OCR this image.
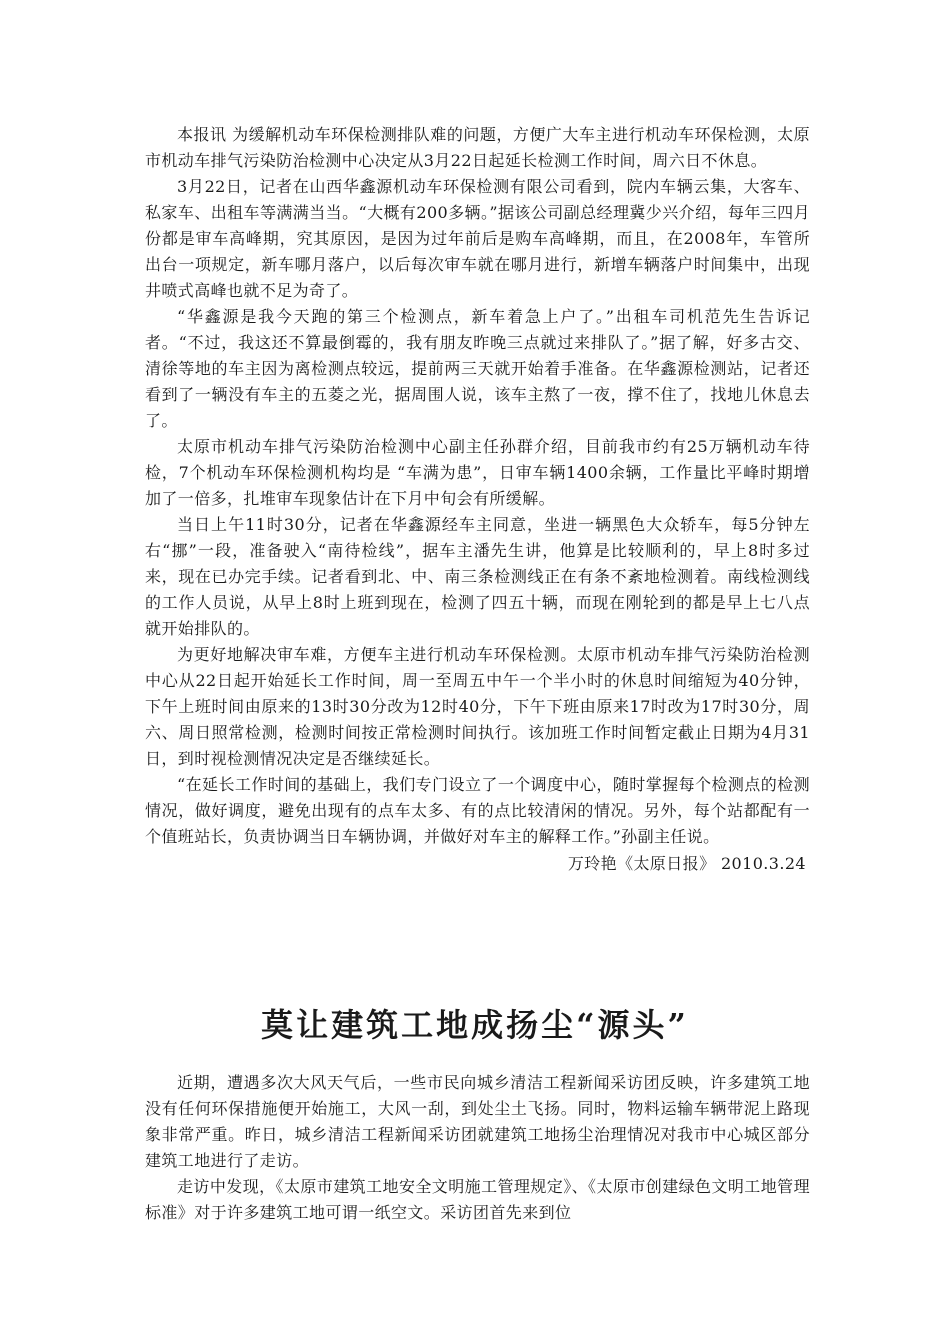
本报讯 为缓解机动车环保检测排队难的问题，方便广大车主进行机动车环保检测，太原市机动车排气污染防治检测中心决定从3月22日起延长检测工作时间，周六日不休息。

3月22日，记者在山西华鑫源机动车环保检测有限公司看到，院内车辆云集，大客车、私家车、出租车等满满当当。“大概有200多辆。”据该公司副总经理冀少兴介绍，每年三四月份都是审车高峰期，究其原因，是因为过年前后是购车高峰期，而且，在2008年，车管所出台一项规定，新车哪月落户，以后每次审车就在哪月进行，新增车辆落户时间集中，出现井喷式高峰也就不足为奇了。

“华鑫源是我今天跑的第三个检测点，新车着急上户了。”出租车司机范先生告诉记者。“不过，我这还不算最倒霉的，我有朋友昨晚三点就过来排队了。”据了解，好多古交、清徐等地的车主因为离检测点较远，提前两三天就开始着手准备。在华鑫源检测站，记者还看到了一辆没有车主的五菱之光，据周围人说，该车主熬了一夜，撑不住了，找地儿休息去了。

太原市机动车排气污染防治检测中心副主任孙群介绍，目前我市约有25万辆机动车待检，7个机动车环保检测机构均是 “车满为患”，日审车辆1400余辆，工作量比平峰时期增加了一倍多，扎堆审车现象估计在下月中旬会有所缓解。

当日上午11时30分，记者在华鑫源经车主同意，坐进一辆黑色大众轿车，每5分钟左右“挪”一段，准备驶入“南待检线”，据车主潘先生讲，他算是比较顺利的，早上8时多过来，现在已办完手续。记者看到北、中、南三条检测线正在有条不紊地检测着。南线检测线的工作人员说，从早上8时上班到现在，检测了四五十辆，而现在刚轮到的都是早上七八点就开始排队的。

为更好地解决审车难，方便车主进行机动车环保检测。太原市机动车排气污染防治检测中心从22日起开始延长工作时间，周一至周五中午一个半小时的休息时间缩短为40分钟，下午上班时间由原来的13时30分改为12时40分，下午下班由原来17时改为17时30分，周六、周日照常检测，检测时间按正常检测时间执行。该加班工作时间暂定截止日期为4月31日，到时视检测情况决定是否继续延长。

“在延长工作时间的基础上，我们专门设立了一个调度中心，随时掌握每个检测点的检测情况，做好调度，避免出现有的点车太多、有的点比较清闲的情况。另外，每个站都配有一个值班站长，负责协调当日车辆协调，并做好对车主的解释工作。”孙副主任说。

万玲艳《太原日报》 2010.3.24
莫让建筑工地成扬尘“源头”

近期，遭遇多次大风天气后，一些市民向城乡清洁工程新闻采访团反映，许多建筑工地没有任何环保措施便开始施工，大风一刮，到处尘土飞扬。同时，物料运输车辆带泥上路现象非常严重。昨日，城乡清洁工程新闻采访团就建筑工地扬尘治理情况对我市中心城区部分建筑工地进行了走访。

走访中发现，《太原市建筑工地安全文明施工管理规定》、《太原市创建绿色文明工地管理标准》对于许多建筑工地可谓一纸空文。采访团首先来到位
